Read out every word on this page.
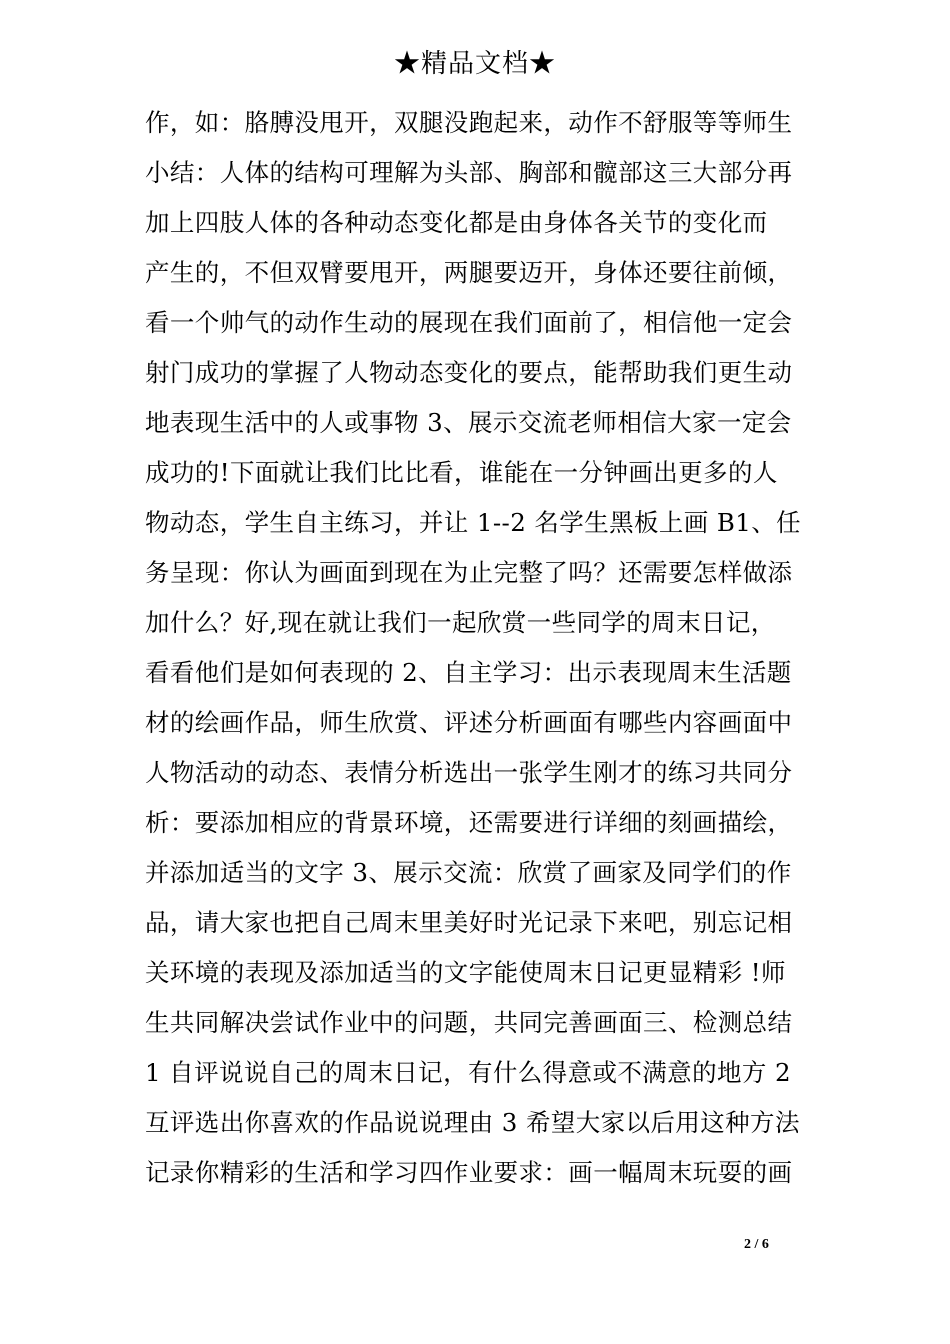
★精品文档★
作，如：胳膊没甩开，双腿没跑起来，动作不舒服等等师生
小结：人体的结构可理解为头部、胸部和髋部这三大部分再
加上四肢人体的各种动态变化都是由身体各关节的变化而
产生的，不但双臂要甩开，两腿要迈开，身体还要往前倾，
看一个帅气的动作生动的展现在我们面前了，相信他一定会
射门成功的掌握了人物动态变化的要点，能帮助我们更生动
地表现生活中的人或事物 3、展示交流老师相信大家一定会
成功的!下面就让我们比比看，谁能在一分钟画出更多的人
物动态，学生自主练习，并让 1--2 名学生黑板上画 B1、任
务呈现：你认为画面到现在为止完整了吗？还需要怎样做添
加什么？好,现在就让我们一起欣赏一些同学的周末日记，
看看他们是如何表现的 2、自主学习：出示表现周末生活题
材的绘画作品，师生欣赏、评述分析画面有哪些内容画面中
人物活动的动态、表情分析选出一张学生刚才的练习共同分
析：要添加相应的背景环境，还需要进行详细的刻画描绘，
并添加适当的文字 3、展示交流：欣赏了画家及同学们的作
品，请大家也把自己周末里美好时光记录下来吧，别忘记相
关环境的表现及添加适当的文字能使周末日记更显精彩 !师
生共同解决尝试作业中的问题，共同完善画面三、检测总结
1 自评说说自己的周末日记，有什么得意或不满意的地方 2
互评选出你喜欢的作品说说理由 3 希望大家以后用这种方法
记录你精彩的生活和学习四作业要求：画一幅周末玩耍的画
2 / 6
